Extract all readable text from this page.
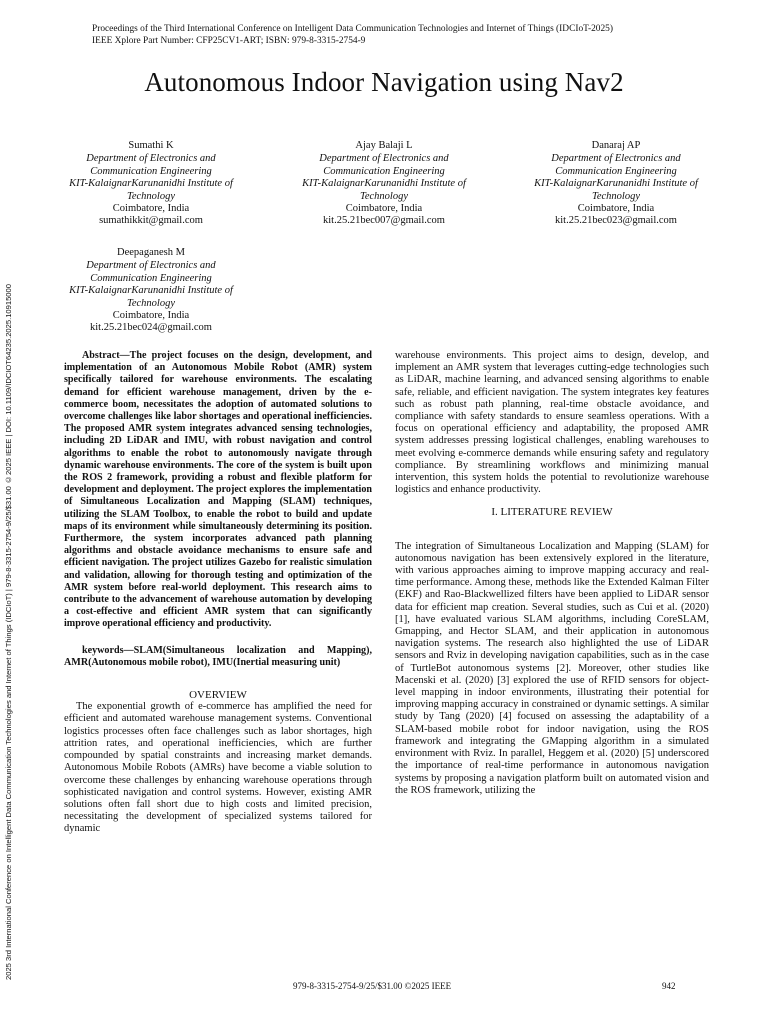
2025 3rd International Conference on Intelligent Data Communication Technologies and Internet of Things (IDCIoT) | 979-8-3315-2754-9/25/$31.00 ©2025 IEEE | DOI: 10.1109/IDCIOT64235.2025.10915000
Proceedings of the Third International Conference on Intelligent Data Communication Technologies and Internet of Things (IDCIoT-2025)
IEEE Xplore Part Number: CFP25CV1-ART; ISBN: 979-8-3315-2754-9
Autonomous Indoor Navigation using Nav2
Sumathi K
Department of Electronics and
Communication Engineering
KIT-KalaignarKarunanidhi Institute of
Technology
Coimbatore, India
sumathikkit@gmail.com
Ajay Balaji L
Department of Electronics and
Communication Engineering
KIT-KalaignarKarunanidhi Institute of
Technology
Coimbatore, India
kit.25.21bec007@gmail.com
Danaraj AP
Department of Electronics and
Communication Engineering
KIT-KalaignarKarunanidhi Institute of
Technology
Coimbatore, India
kit.25.21bec023@gmail.com
Deepaganesh M
Department of Electronics and
Communication Engineering
KIT-KalaignarKarunanidhi Institute of
Technology
Coimbatore, India
kit.25.21bec024@gmail.com

Abstract—The project focuses on the design, development, and implementation of an Autonomous Mobile Robot (AMR) system specifically tailored for warehouse environments. The escalating demand for efficient warehouse management, driven by the e-commerce boom, necessitates the adoption of automated solutions to overcome challenges like labor shortages and operational inefficiencies. The proposed AMR system integrates advanced sensing technologies, including 2D LiDAR and IMU, with robust navigation and control algorithms to enable the robot to autonomously navigate through dynamic warehouse environments. The core of the system is built upon the ROS 2 framework, providing a robust and flexible platform for development and deployment. The project explores the implementation of Simultaneous Localization and Mapping (SLAM) techniques, utilizing the SLAM Toolbox, to enable the robot to build and update maps of its environment while simultaneously determining its position. Furthermore, the system incorporates advanced path planning algorithms and obstacle avoidance mechanisms to ensure safe and efficient navigation. The project utilizes Gazebo for realistic simulation and validation, allowing for thorough testing and optimization of the AMR system before real-world deployment. This research aims to contribute to the advancement of warehouse automation by developing a cost-effective and efficient AMR system that can significantly improve operational efficiency and productivity.

keywords—SLAM(Simultaneous localization and Mapping), AMR(Autonomous mobile robot), IMU(Inertial measuring unit)

OVERVIEW

The exponential growth of e-commerce has amplified the need for efficient and automated warehouse management systems. Conventional logistics processes often face challenges such as labor shortages, high attrition rates, and operational inefficiencies, which are further compounded by spatial constraints and increasing market demands. Autonomous Mobile Robots (AMRs) have become a viable solution to overcome these challenges by enhancing warehouse operations through sophisticated navigation and control systems. However, existing AMR solutions often fall short due to high costs and limited precision, necessitating the development of specialized systems tailored for dynamic

warehouse environments. This project aims to design, develop, and implement an AMR system that leverages cutting-edge technologies such as LiDAR, machine learning, and advanced sensing algorithms to enable safe, reliable, and efficient navigation. The system integrates key features such as robust path planning, real-time obstacle avoidance, and compliance with safety standards to ensure seamless operations. With a focus on operational efficiency and adaptability, the proposed AMR system addresses pressing logistical challenges, enabling warehouses to meet evolving e-commerce demands while ensuring safety and regulatory compliance. By streamlining workflows and minimizing manual intervention, this system holds the potential to revolutionize warehouse logistics and enhance productivity.

I. LITERATURE REVIEW

The integration of Simultaneous Localization and Mapping (SLAM) for autonomous navigation has been extensively explored in the literature, with various approaches aiming to improve mapping accuracy and real-time performance. Among these, methods like the Extended Kalman Filter (EKF) and Rao-Blackwellized filters have been applied to LiDAR sensor data for efficient map creation. Several studies, such as Cui et al. (2020) [1], have evaluated various SLAM algorithms, including CoreSLAM, Gmapping, and Hector SLAM, and their application in autonomous navigation systems. The research also highlighted the use of LiDAR sensors and Rviz in developing navigation capabilities, such as in the case of TurtleBot autonomous systems [2]. Moreover, other studies like Macenski et al. (2020) [3] explored the use of RFID sensors for object-level mapping in indoor environments, illustrating their potential for improving mapping accuracy in constrained or dynamic settings. A similar study by Tang (2020) [4] focused on assessing the adaptability of a SLAM-based mobile robot for indoor navigation, using the ROS framework and integrating the GMapping algorithm in a simulated environment with Rviz. In parallel, Heggem et al. (2020) [5] underscored the importance of real-time performance in autonomous navigation systems by proposing a navigation platform built on automated vision and the ROS framework, utilizing the

979-8-3315-2754-9/25/$31.00 ©2025 IEEE	942
